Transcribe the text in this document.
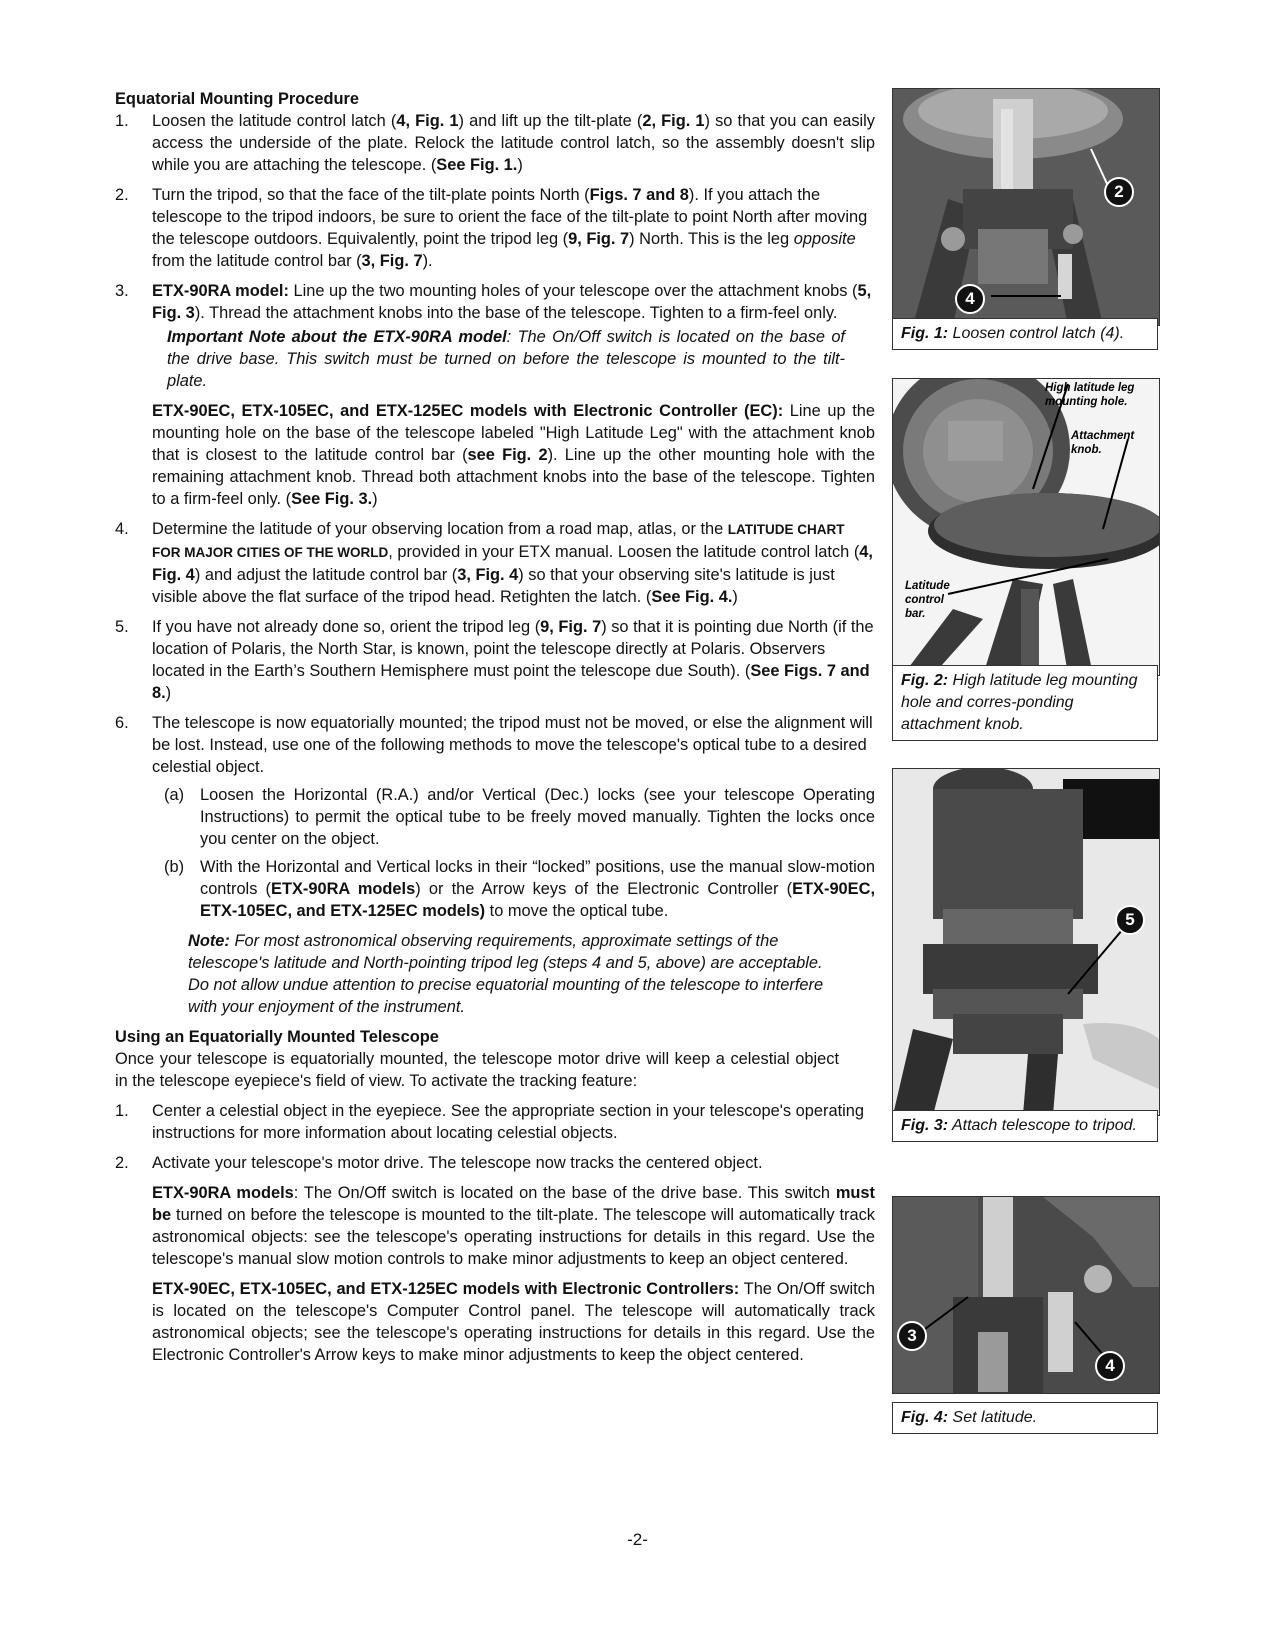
Equatorial Mounting Procedure
1. Loosen the latitude control latch (4, Fig. 1) and lift up the tilt-plate (2, Fig. 1) so that you can easily access the underside of the plate. Relock the latitude control latch, so the assembly doesn't slip while you are attaching the telescope. (See Fig. 1.)
2. Turn the tripod, so that the face of the tilt-plate points North (Figs. 7 and 8). If you attach the telescope to the tripod indoors, be sure to orient the face of the tilt-plate to point North after moving the telescope outdoors. Equivalently, point the tripod leg (9, Fig. 7) North. This is the leg opposite from the latitude control bar (3, Fig. 7).
3. ETX-90RA model: Line up the two mounting holes of your telescope over the attachment knobs (5, Fig. 3). Thread the attachment knobs into the base of the telescope. Tighten to a firm-feel only.
Important Note about the ETX-90RA model: The On/Off switch is located on the base of the drive base. This switch must be turned on before the telescope is mounted to the tilt-plate.
ETX-90EC, ETX-105EC, and ETX-125EC models with Electronic Controller (EC): Line up the mounting hole on the base of the telescope labeled "High Latitude Leg" with the attachment knob that is closest to the latitude control bar (see Fig. 2). Line up the other mounting hole with the remaining attachment knob. Thread both attachment knobs into the base of the telescope. Tighten to a firm-feel only. (See Fig. 3.)
4. Determine the latitude of your observing location from a road map, atlas, or the LATITUDE CHART FOR MAJOR CITIES OF THE WORLD, provided in your ETX manual. Loosen the latitude control latch (4, Fig. 4) and adjust the latitude control bar (3, Fig. 4) so that your observing site's latitude is just visible above the flat surface of the tripod head. Retighten the latch. (See Fig. 4.)
5. If you have not already done so, orient the tripod leg (9, Fig. 7) so that it is pointing due North (if the location of Polaris, the North Star, is known, point the telescope directly at Polaris. Observers located in the Earth’s Southern Hemisphere must point the telescope due South). (See Figs. 7 and 8.)
6. The telescope is now equatorially mounted; the tripod must not be moved, or else the alignment will be lost. Instead, use one of the following methods to move the telescope's optical tube to a desired celestial object.
(a) Loosen the Horizontal (R.A.) and/or Vertical (Dec.) locks (see your telescope Operating Instructions) to permit the optical tube to be freely moved manually. Tighten the locks once you center on the object.
(b) With the Horizontal and Vertical locks in their “locked” positions, use the manual slow-motion controls (ETX-90RA models) or the Arrow keys of the Electronic Controller (ETX-90EC, ETX-105EC, and ETX-125EC models) to move the optical tube.
Note: For most astronomical observing requirements, approximate settings of the telescope's latitude and North-pointing tripod leg (steps 4 and 5, above) are acceptable. Do not allow undue attention to precise equatorial mounting of the telescope to interfere with your enjoyment of the instrument.
Using an Equatorially Mounted Telescope
Once your telescope is equatorially mounted, the telescope motor drive will keep a celestial object in the telescope eyepiece's field of view. To activate the tracking feature:
1. Center a celestial object in the eyepiece. See the appropriate section in your telescope's operating instructions for more information about locating celestial objects.
2. Activate your telescope's motor drive. The telescope now tracks the centered object.
ETX-90RA models: The On/Off switch is located on the base of the drive base. This switch must be turned on before the telescope is mounted to the tilt-plate. The telescope will automatically track astronomical objects: see the telescope's operating instructions for details in this regard. Use the telescope's manual slow motion controls to make minor adjustments to keep an object centered.
ETX-90EC, ETX-105EC, and ETX-125EC models with Electronic Controllers: The On/Off switch is located on the telescope's Computer Control panel. The telescope will automatically track astronomical objects; see the telescope's operating instructions for details in this regard. Use the Electronic Controller's Arrow keys to make minor adjustments to keep the object centered.
-2-
2
4
Fig. 1: Loosen control latch (4).
High latitude leg mounting hole.
Attachment knob.
Latitude control bar.
Fig. 2: High latitude leg mounting hole and corres-ponding attachment knob.
5
Fig. 3: Attach telescope to tripod.
3
4
Fig. 4: Set latitude.
